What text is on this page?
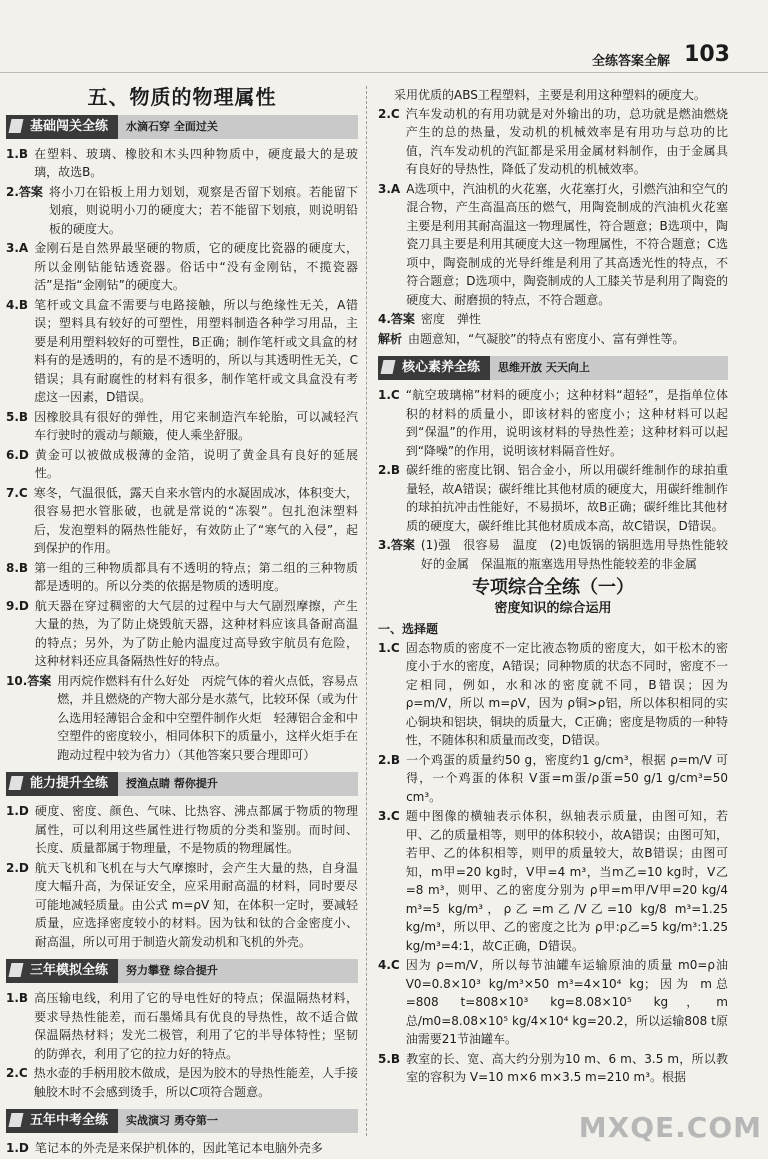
全练答案全解 103
五、物质的物理属性
基础闯关全练	水滴石穿 全面过关
1.B 在塑料、玻璃、橡胶和木头四种物质中，硬度最大的是玻璃，故选B。
2.答案 将小刀在铅板上用力划划，观察是否留下划痕。若能留下划痕，则说明小刀的硬度大；若不能留下划痕，则说明铅板的硬度大。
3.A 金刚石是自然界最坚硬的物质，它的硬度比瓷器的硬度大，所以金刚钻能钻透瓷器。俗话中“没有金刚钻，不揽瓷器活”是指“金刚钻”的硬度大。
4.B 笔杆或文具盒不需要与电路接触，所以与绝缘性无关，A错误；塑料具有较好的可塑性，用塑料制造各种学习用品，主要是利用塑料较好的可塑性，B正确；制作笔杆或文具盒的材料有的是透明的，有的是不透明的，所以与其透明性无关，C错误；具有耐腐性的材料有很多，制作笔杆或文具盒没有考虑这一因素，D错误。
5.B 因橡胶具有很好的弹性，用它来制造汽车轮胎，可以减轻汽车行驶时的震动与颠簸，使人乘坐舒服。
6.D 黄金可以被做成极薄的金箔，说明了黄金具有良好的延展性。
7.C 寒冬，气温很低，露天自来水管内的水凝固成冰，体积变大，很容易把水管胀破，也就是常说的“冻裂”。包扎泡沫塑料后，发泡塑料的隔热性能好，有效防止了“寒气的入侵”，起到保护的作用。
8.B 第一组的三种物质都具有不透明的特点；第二组的三种物质都是透明的。所以分类的依据是物质的透明度。
9.D 航天器在穿过稠密的大气层的过程中与大气剧烈摩擦，产生大量的热，为了防止烧毁航天器，这种材料应该具备耐高温的特点；另外，为了防止舱内温度过高导致宇航员有危险，这种材料还应具备隔热性好的特点。
10.答案 用丙烷作燃料有什么好处　丙烷气体的着火点低，容易点燃，并且燃烧的产物大部分是水蒸气，比较环保（或为什么选用轻薄铝合金和中空塑件制作火炬　轻薄铝合金和中空塑件的密度较小，相同体积下的质量小，这样火炬手在跑动过程中较为省力）（其他答案只要合理即可）
能力提升全练	授渔点睛 帮你提升
1.D 硬度、密度、颜色、气味、比热容、沸点都属于物质的物理属性，可以利用这些属性进行物质的分类和鉴别。而时间、长度、质量都属于物理量，不是物质的物理属性。
2.D 航天飞机和飞机在与大气摩擦时，会产生大量的热，自身温度大幅升高，为保证安全，应采用耐高温的材料，同时要尽可能地减轻质量。由公式 m=ρV 知，在体积一定时，要减轻质量，应选择密度较小的材料。因为钛和钛的合金密度小、耐高温，所以可用于制造火箭发动机和飞机的外壳。
三年模拟全练	努力攀登 综合提升
1.B 高压输电线，利用了它的导电性好的特点；保温隔热材料，要求导热性能差，而石墨烯具有优良的导热性，故不适合做保温隔热材料；发光二极管，利用了它的半导体特性；坚韧的防弹衣，利用了它的拉力好的特点。
2.C 热水壶的手柄用胶木做成，是因为胶木的导热性能差，人手接触胶木时不会感到烫手，所以C项符合题意。
五年中考全练	实战演习 勇夺第一
1.D 笔记本的外壳是来保护机体的，因此笔记本电脑外壳多
采用优质的ABS工程塑料，主要是利用这种塑料的硬度大。
2.C 汽车发动机的有用功就是对外输出的功，总功就是燃油燃烧产生的总的热量，发动机的机械效率是有用功与总功的比值，汽车发动机的汽缸都是采用金属材料制作，由于金属具有良好的导热性，降低了发动机的机械效率。
3.A A选项中，汽油机的火花塞，火花塞打火，引燃汽油和空气的混合物，产生高温高压的燃气，用陶瓷制成的汽油机火花塞主要是利用其耐高温这一物理属性，符合题意；B选项中，陶瓷刀具主要是利用其硬度大这一物理属性，不符合题意；C选项中，陶瓷制成的光导纤维是利用了其高透光性的特点，不符合题意；D选项中，陶瓷制成的人工膝关节是利用了陶瓷的硬度大、耐磨损的特点，不符合题意。
4.答案 密度　弹性
解析 由题意知，“气凝胶”的特点有密度小、富有弹性等。
核心素养全练	思维开放 天天向上
1.C “航空玻璃棉”材料的硬度小；这种材料“超轻”，是指单位体积的材料的质量小，即该材料的密度小；这种材料可以起到“保温”的作用，说明该材料的导热性差；这种材料可以起到“降噪”的作用，说明该材料隔音性好。
2.B 碳纤维的密度比钢、铝合金小，所以用碳纤维制作的球拍重量轻，故A错误；碳纤维比其他材质的硬度大，用碳纤维制作的球拍抗冲击性能好，不易损坏，故B正确；碳纤维比其他材质的硬度大，碳纤维比其他材质成本高，故C错误，D错误。
3.答案 (1)强　很容易　温度　(2)电饭锅的锅胆选用导热性能较好的金属　保温瓶的瓶塞选用导热性能较差的非金属
专项综合全练（一）
密度知识的综合运用
一、选择题
1.C 固态物质的密度不一定比液态物质的密度大，如干松木的密度小于水的密度，A错误；同种物质的状态不同时，密度不一定相同，例如，水和冰的密度就不同，B错误；因为 ρ=m/V，所以 m=ρV，因为 ρ铜>ρ铝，所以体积相同的实心铜块和铝块，铜块的质量大，C正确；密度是物质的一种特性，不随体积和质量而改变，D错误。
2.B 一个鸡蛋的质量约50 g，密度约1 g/cm³，根据 ρ=m/V 可得，一个鸡蛋的体积 V蛋=m蛋/ρ蛋=50 g/1 g/cm³=50 cm³。
3.C 题中图像的横轴表示体积，纵轴表示质量，由图可知，若甲、乙的质量相等，则甲的体积较小，故A错误；由图可知，若甲、乙的体积相等，则甲的质量较大，故B错误；由图可知，m甲=20 kg时，V甲=4 m³，当m乙=10 kg时，V乙=8 m³，则甲、乙的密度分别为 ρ甲=m甲/V甲=20 kg/4 m³=5 kg/m³，ρ乙=m乙/V乙=10 kg/8 m³=1.25 kg/m³，所以甲、乙的密度之比为 ρ甲:ρ乙=5 kg/m³:1.25 kg/m³=4:1，故C正确，D错误。
4.C 因为 ρ=m/V，所以每节油罐车运输原油的质量 m0=ρ油V0=0.8×10³ kg/m³×50 m³=4×10⁴ kg；因为 m总=808 t=808×10³ kg=8.08×10⁵ kg，m总/m0=8.08×10⁵ kg/4×10⁴ kg=20.2，所以运输808 t原油需要21节油罐车。
5.B 教室的长、宽、高大约分别为10 m、6 m、3.5 m，所以教室的容积为 V=10 m×6 m×3.5 m=210 m³。根据
MXQE.COM
